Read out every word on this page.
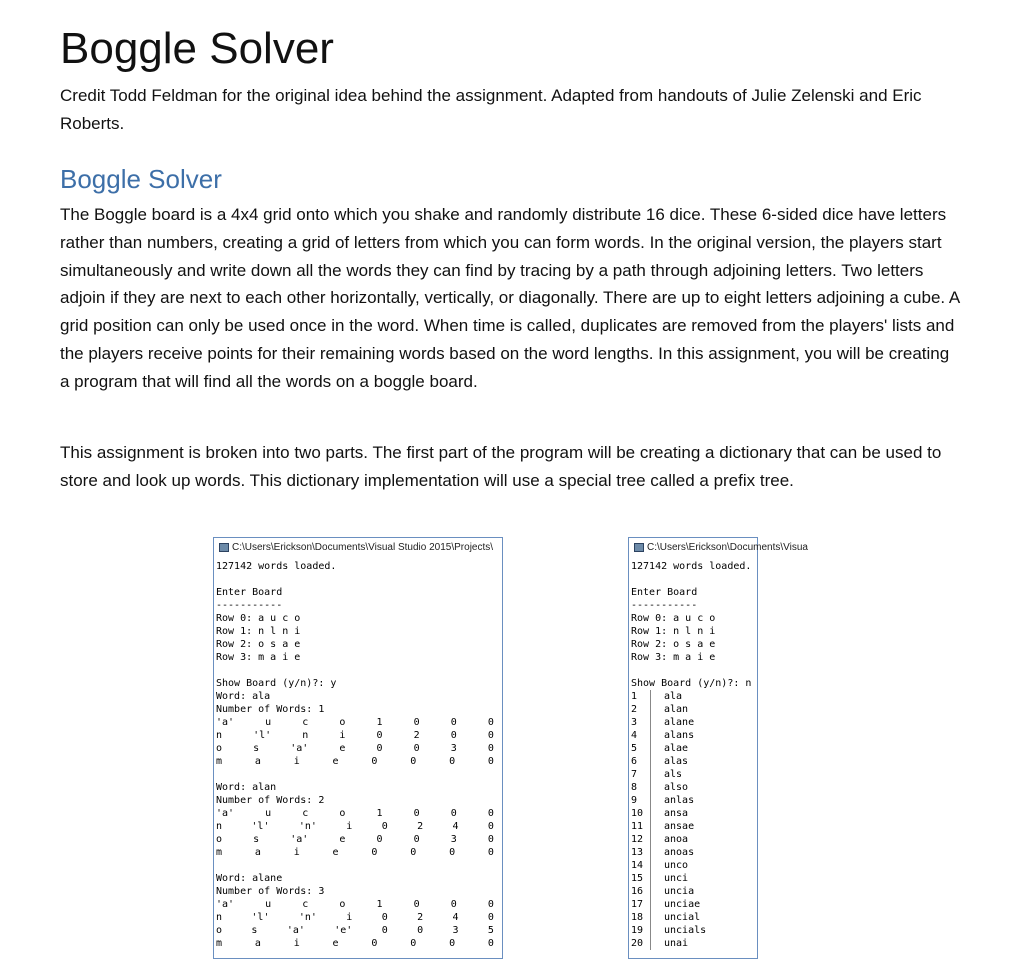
Boggle Solver

Credit Todd Feldman for the original idea behind the assignment. Adapted from handouts of Julie Zelenski and Eric Roberts.

Boggle Solver

The Boggle board is a 4x4 grid onto which you shake and randomly distribute 16 dice. These 6-sided dice have letters rather than numbers, creating a grid of letters from which you can form words. In the original version, the players start simultaneously and write down all the words they can find by tracing by a path through adjoining letters. Two letters adjoin if they are next to each other horizontally, vertically, or diagonally. There are up to eight letters adjoining a cube. A grid position can only be used once in the word. When time is called, duplicates are removed from the players' lists and the players receive points for their remaining words based on the word lengths. In this assignment, you will be creating a program that will find all the words on a boggle board.

This assignment is broken into two parts. The first part of the program will be creating a dictionary that can be used to store and look up words. This dictionary implementation will use a special tree called a prefix tree.

C:\Users\Erickson\Documents\Visual Studio 2015\Projects\
127142 words loaded.
Enter Board
-----------
Row 0: a u c o
Row 1: n l n i
Row 2: o s a e
Row 3: m a i e
Show Board (y/n)?: y
Word: ala
Number of Words: 1
'a'	u	c	o	1	0	0	0
n	'l'	n	i	0	2	0	0
o	s	'a'	e	0	0	3	0
m	a	i	e	0	0	0	0
Word: alan
Number of Words: 2
'a'	u	c	o	1	0	0	0
n	'l'	'n'	i	0	2	4	0
o	s	'a'	e	0	0	3	0
m	a	i	e	0	0	0	0
Word: alane
Number of Words: 3
'a'	u	c	o	1	0	0	0
n	'l'	'n'	i	0	2	4	0
o	s	'a'	'e'	0	0	3	5
m	a	i	e	0	0	0	0
C:\Users\Erickson\Documents\Visua
127142 words loaded.
Enter Board
-----------
Row 0: a u c o
Row 1: n l n i
Row 2: o s a e
Row 3: m a i e
Show Board (y/n)?: n
1	ala
2	alan
3	alane
4	alans
5	alae
6	alas
7	als
8	also
9	anlas
10	ansa
11	ansae
12	anoa
13	anoas
14	unco
15	unci
16	uncia
17	unciae
18	uncial
19	uncials
20	unai
